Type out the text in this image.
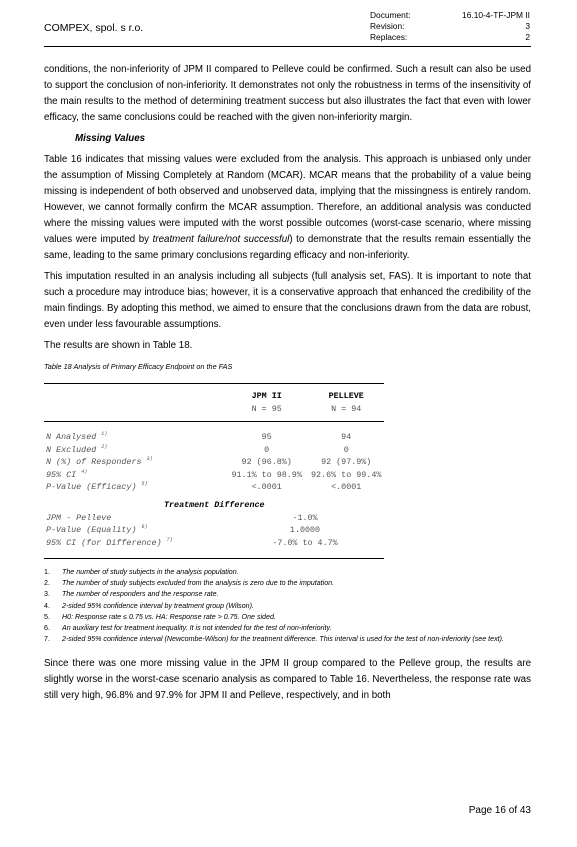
COMPEX, spol. s r.o.
Document:	16.10-4-TF-JPM II
Revision:	3
Replaces:	2

conditions, the non-inferiority of JPM II compared to Pelleve could be confirmed. Such a result can also be used to support the conclusion of non-inferiority. It demonstrates not only the robustness in terms of the insensitivity of the main results to the method of determining treatment success but also illustrates the fact that even with lower efficacy, the same conclusions could be reached with the given non-inferiority margin.

Missing Values

Table 16 indicates that missing values were excluded from the analysis. This approach is unbiased only under the assumption of Missing Completely at Random (MCAR). MCAR means that the probability of a value being missing is independent of both observed and unobserved data, implying that the missingness is entirely random. However, we cannot formally confirm the MCAR assumption. Therefore, an additional analysis was conducted where the missing values were imputed with the worst possible outcomes (worst-case scenario, where missing values were imputed by treatment failure/not successful) to demonstrate that the results remain essentially the same, leading to the same primary conclusions regarding efficacy and non-inferiority.

This imputation resulted in an analysis including all subjects (full analysis set, FAS). It is important to note that such a procedure may introduce bias; however, it is a conservative approach that enhanced the credibility of the main findings. By adopting this method, we aimed to ensure that the conclusions drawn from the data are robust, even under less favourable assumptions.

The results are shown in Table 18.

Table 18 Analysis of Primary Efficacy Endpoint on the FAS
JPM II	PELLEVE
N = 95	N = 94
N Analysed $^{1)}$	95	94
N Excluded $^{2)}$	0	0
N (%) of Responders $^{3)}$	92 (96.8%)	92 (97.9%)
95% CI $^{4)}$	91.1% to 98.9%	92.6% to 99.4%
P-Value (Efficacy) $^{5)}$	<.0001	<.0001
Treatment Difference
JPM - Pelleve	-1.0%
P-Value (Equality) $^{6)}$	1.0000
95% CI (for Difference) $^{7)}$	-7.0% to 4.7%
1.	The number of study subjects in the analysis population.
2.	The number of study subjects excluded from the analysis is zero due to the imputation.
3.	The number of responders and the response rate.
4.	2-sided 95% confidence interval by treatment group (Wilson).
5.	H0: Response rate ≤ 0.75 vs. HA: Response rate > 0.75. One sided.
6.	An auxiliary test for treatment inequality. It is not intended for the test of non-inferiority.
7.	2-sided 95% confidence interval (Newcombe-Wilson) for the treatment difference. This interval is used for the test of non-inferiority (see text).

Since there was one more missing value in the JPM II group compared to the Pelleve group, the results are slightly worse in the worst-case scenario analysis as compared to Table 16. Nevertheless, the response rate was still very high, 96.8% and 97.9% for JPM II and Pelleve, respectively, and in both

Page 16 of 43
